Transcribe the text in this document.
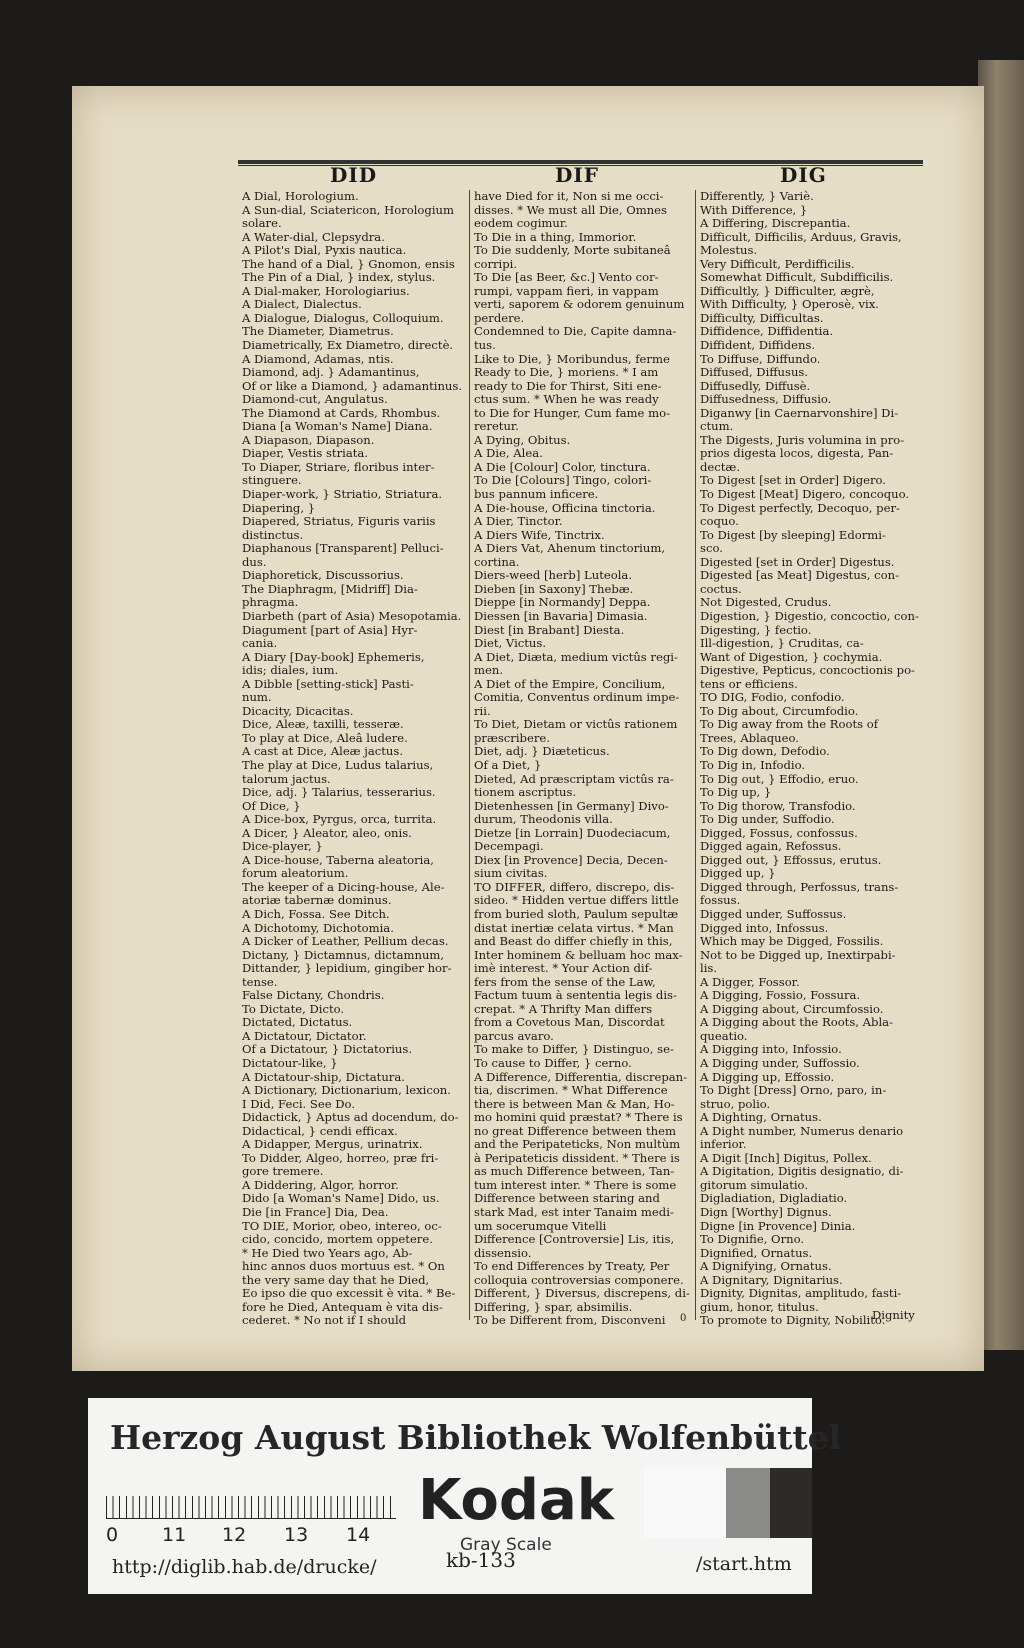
DID	DIF	DIG
A Dial, Horologium.
A Sun-dial, Sciatericon, Horologium
solare.
A Water-dial, Clepsydra.
A Pilot's Dial, Pyxis nautica.
The hand of a Dial, } Gnomon, ensis
The Pin of a Dial, } index, stylus.
A Dial-maker, Horologiarius.
A Dialect, Dialectus.
A Dialogue, Dialogus, Colloquium.
The Diameter, Diametrus.
Diametrically, Ex Diametro, directè.
A Diamond, Adamas, ntis.
Diamond, adj. } Adamantinus,
Of or like a Diamond, } adamantinus.
Diamond-cut, Angulatus.
The Diamond at Cards, Rhombus.
Diana [a Woman's Name] Diana.
A Diapason, Diapason.
Diaper, Vestis striata.
To Diaper, Striare, floribus inter-
stinguere.
Diaper-work, } Striatio, Striatura.
Diapering, }
Diapered, Striatus, Figuris variis
distinctus.
Diaphanous [Transparent] Pelluci-
dus.
Diaphoretick, Discussorius.
The Diaphragm, [Midriff] Dia-
phragma.
Diarbeth (part of Asia) Mesopotamia.
Diagument [part of Asia] Hyr-
cania.
A Diary [Day-book] Ephemeris,
idis; diales, ium.
A Dibble [setting-stick] Pasti-
num.
Dicacity, Dicacitas.
Dice, Aleæ, taxilli, tesseræ.
To play at Dice, Aleâ ludere.
A cast at Dice, Aleæ jactus.
The play at Dice, Ludus talarius,
talorum jactus.
Dice, adj. } Talarius, tesserarius.
Of Dice, }
A Dice-box, Pyrgus, orca, turrita.
A Dicer, } Aleator, aleo, onis.
Dice-player, }
A Dice-house, Taberna aleatoria,
forum aleatorium.
The keeper of a Dicing-house, Ale-
atoriæ tabernæ dominus.
A Dich, Fossa. See Ditch.
A Dichotomy, Dichotomia.
A Dicker of Leather, Pellium decas.
Dictany, } Dictamnus, dictamnum,
Dittander, } lepidium, gingiber hor-
tense.
False Dictany, Chondris.
To Dictate, Dicto.
Dictated, Dictatus.
A Dictatour, Dictator.
Of a Dictatour, } Dictatorius.
Dictatour-like, }
A Dictatour-ship, Dictatura.
A Dictionary, Dictionarium, lexicon.
I Did, Feci. See Do.
Didactick, } Aptus ad docendum, do-
Didactical, } cendi efficax.
A Didapper, Mergus, urinatrix.
To Didder, Algeo, horreo, præ fri-
gore tremere.
A Diddering, Algor, horror.
Dido [a Woman's Name] Dido, us.
Die [in France] Dia, Dea.
TO DIE, Morior, obeo, intereo, oc-
cido, concido, mortem oppetere.
* He Died two Years ago, Ab-
hinc annos duos mortuus est. * On
the very same day that he Died,
Eo ipso die quo excessit è vita. * Be-
fore he Died, Antequam è vita dis-
cederet. * No not if I should
have Died for it, Non si me occi-
disses. * We must all Die, Omnes
eodem cogimur.
To Die in a thing, Immorior.
To Die suddenly, Morte subitaneâ
corripi.
To Die [as Beer, &c.] Vento cor-
rumpi, vappam fieri, in vappam
verti, saporem & odorem genuinum
perdere.
Condemned to Die, Capite damna-
tus.
Like to Die, } Moribundus, ferme
Ready to Die, } moriens. * I am
ready to Die for Thirst, Siti ene-
ctus sum. * When he was ready
to Die for Hunger, Cum fame mo-
reretur.
A Dying, Obitus.
A Die, Alea.
A Die [Colour] Color, tinctura.
To Die [Colours] Tingo, colori-
bus pannum inficere.
A Die-house, Officina tinctoria.
A Dier, Tinctor.
A Diers Wife, Tinctrix.
A Diers Vat, Ahenum tinctorium,
cortina.
Diers-weed [herb] Luteola.
Dieben [in Saxony] Thebæ.
Dieppe [in Normandy] Deppa.
Diessen [in Bavaria] Dimasia.
Diest [in Brabant] Diesta.
Diet, Victus.
A Diet, Diæta, medium victûs regi-
men.
A Diet of the Empire, Concilium,
Comitia, Conventus ordinum impe-
rii.
To Diet, Dietam or victûs rationem
præscribere.
Diet, adj. } Diæteticus.
Of a Diet, }
Dieted, Ad præscriptam victûs ra-
tionem ascriptus.
Dietenhessen [in Germany] Divo-
durum, Theodonis villa.
Dietze [in Lorrain] Duodeciacum,
Decempagi.
Diex [in Provence] Decia, Decen-
sium civitas.
TO DIFFER, differo, discrepo, dis-
sideo. * Hidden vertue differs little
from buried sloth, Paulum sepultæ
distat inertiæ celata virtus. * Man
and Beast do differ chiefly in this,
Inter hominem & belluam hoc max-
imè interest. * Your Action dif-
fers from the sense of the Law,
Factum tuum à sententia legis dis-
crepat. * A Thrifty Man differs
from a Covetous Man, Discordat
parcus avaro.
To make to Differ, } Distinguo, se-
To cause to Differ, } cerno.
A Difference, Differentia, discrepan-
tia, discrimen. * What Difference
there is between Man & Man, Ho-
mo homini quid præstat? * There is
no great Difference between them
and the Peripateticks, Non multùm
à Peripateticis dissident. * There is
as much Difference between, Tan-
tum interest inter. * There is some
Difference between staring and
stark Mad, est inter Tanaim medi-
um socerumque Vitelli
Difference [Controversie] Lis, itis,
dissensio.
To end Differences by Treaty, Per
colloquia controversias componere.
Different, } Diversus, discrepens, di-
Differing, } spar, absimilis.
To be Different from, Disconveni
Differently, } Variè.
With Difference, }
A Differing, Discrepantia.
Difficult, Difficilis, Arduus, Gravis,
Molestus.
Very Difficult, Perdifficilis.
Somewhat Difficult, Subdifficilis.
Difficultly, } Difficulter, ægrè,
With Difficulty, } Operosè, vix.
Difficulty, Difficultas.
Diffidence, Diffidentia.
Diffident, Diffidens.
To Diffuse, Diffundo.
Diffused, Diffusus.
Diffusedly, Diffusè.
Diffusedness, Diffusio.
Diganwy [in Caernarvonshire] Di-
ctum.
The Digests, Juris volumina in pro-
prios digesta locos, digesta, Pan-
dectæ.
To Digest [set in Order] Digero.
To Digest [Meat] Digero, concoquo.
To Digest perfectly, Decoquo, per-
coquo.
To Digest [by sleeping] Edormi-
sco.
Digested [set in Order] Digestus.
Digested [as Meat] Digestus, con-
coctus.
Not Digested, Crudus.
Digestion, } Digestio, concoctio, con-
Digesting, } fectio.
Ill-digestion, } Cruditas, ca-
Want of Digestion, } cochymia.
Digestive, Pepticus, concoctionis po-
tens or efficiens.
TO DIG, Fodio, confodio.
To Dig about, Circumfodio.
To Dig away from the Roots of
Trees, Ablaqueo.
To Dig down, Defodio.
To Dig in, Infodio.
To Dig out, } Effodio, eruo.
To Dig up, }
To Dig thorow, Transfodio.
To Dig under, Suffodio.
Digged, Fossus, confossus.
Digged again, Refossus.
Digged out, } Effossus, erutus.
Digged up, }
Digged through, Perfossus, trans-
fossus.
Digged under, Suffossus.
Digged into, Infossus.
Which may be Digged, Fossilis.
Not to be Digged up, Inextirpabi-
lis.
A Digger, Fossor.
A Digging, Fossio, Fossura.
A Digging about, Circumfossio.
A Digging about the Roots, Abla-
queatio.
A Digging into, Infossio.
A Digging under, Suffossio.
A Digging up, Effossio.
To Dight [Dress] Orno, paro, in-
struo, polio.
A Dighting, Ornatus.
A Dight number, Numerus denario
inferior.
A Digit [Inch] Digitus, Pollex.
A Digitation, Digitis designatio, di-
gitorum simulatio.
Digladiation, Digladiatio.
Dign [Worthy] Dignus.
Digne [in Provence] Dinia.
To Dignifie, Orno.
Dignified, Ornatus.
A Dignifying, Ornatus.
A Dignitary, Dignitarius.
Dignity, Dignitas, amplitudo, fasti-
gium, honor, titulus.
To promote to Dignity, Nobilito.
0	Dignity
Herzog August Bibliothek Wolfenbüttel
0 11 12 13 14
Kodak
Gray Scale
http://diglib.hab.de/drucke/	kb-133	/start.htm
